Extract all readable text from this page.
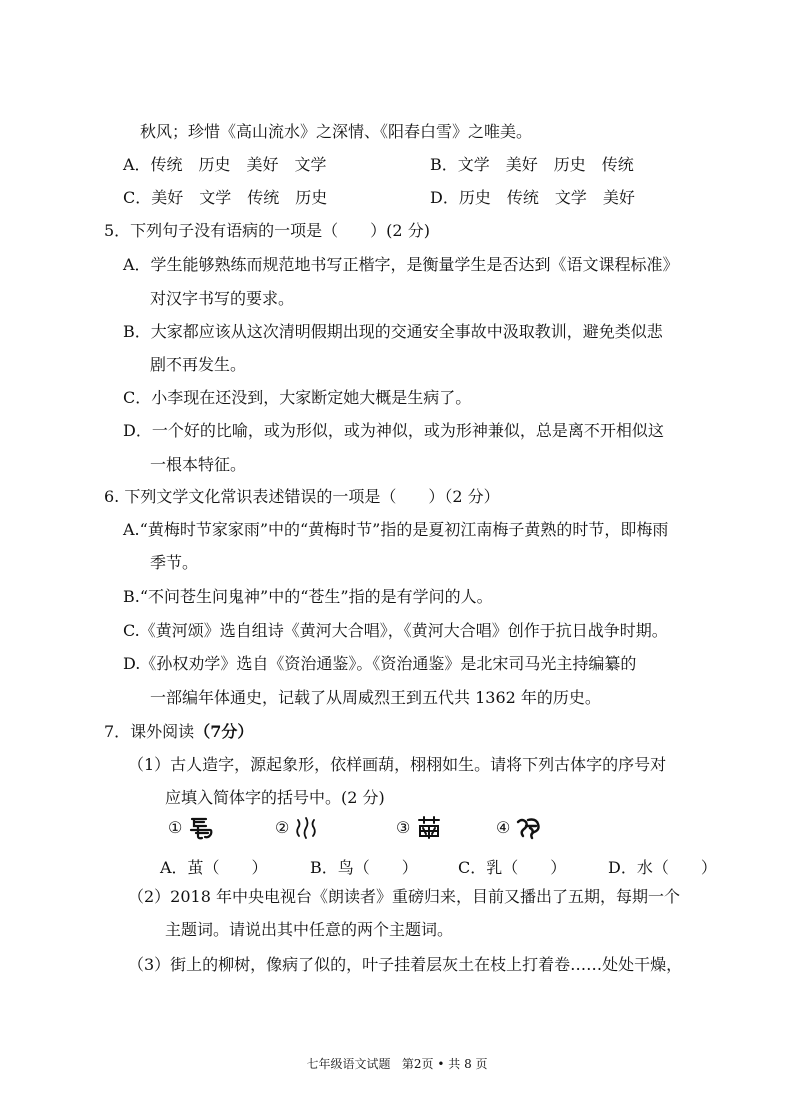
秋风；珍惜《高山流水》之深情、《阳春白雪》之唯美。
A．传统　历史　美好　文学	B．文学　美好　历史　传统
C．美好　文学　传统　历史	D．历史　传统　文学　美好
5．下列句子没有语病的一项是（　　）(2 分)
A．学生能够熟练而规范地书写正楷字，是衡量学生是否达到《语文课程标准》
对汉字书写的要求。
B．大家都应该从这次清明假期出现的交通安全事故中汲取教训，避免类似悲
剧不再发生。
C．小李现在还没到，大家断定她大概是生病了。
D．一个好的比喻，或为形似，或为神似，或为形神兼似，总是离不开相似这
一根本特征。
6. 下列文学文化常识表述错误的一项是（　　）（2 分）
A.“黄梅时节家家雨”中的“黄梅时节”指的是夏初江南梅子黄熟的时节，即梅雨
季节。
B.“不问苍生问鬼神”中的“苍生”指的是有学问的人。
C.《黄河颂》选自组诗《黄河大合唱》，《黄河大合唱》创作于抗日战争时期。
D.《孙权劝学》选自《资治通鉴》。《资治通鉴》是北宋司马光主持编纂的
一部编年体通史，记载了从周威烈王到五代共 1362 年的历史。
7．课外阅读（7分）
（1）古人造字，源起象形，依样画葫，栩栩如生。请将下列古体字的序号对
应填入简体字的括号中。(2 分)
①	②	③	④
A．茧（　　）	B．鸟（　　）	C．乳（　　）	D．水（　　）
（2）2018 年中央电视台《朗读者》重磅归来，目前又播出了五期，每期一个
主题词。请说出其中任意的两个主题词。
（3）街上的柳树，像病了似的，叶子挂着层灰土在枝上打着卷……处处干燥，
七年级语文试题 第2页 • 共 8 页
